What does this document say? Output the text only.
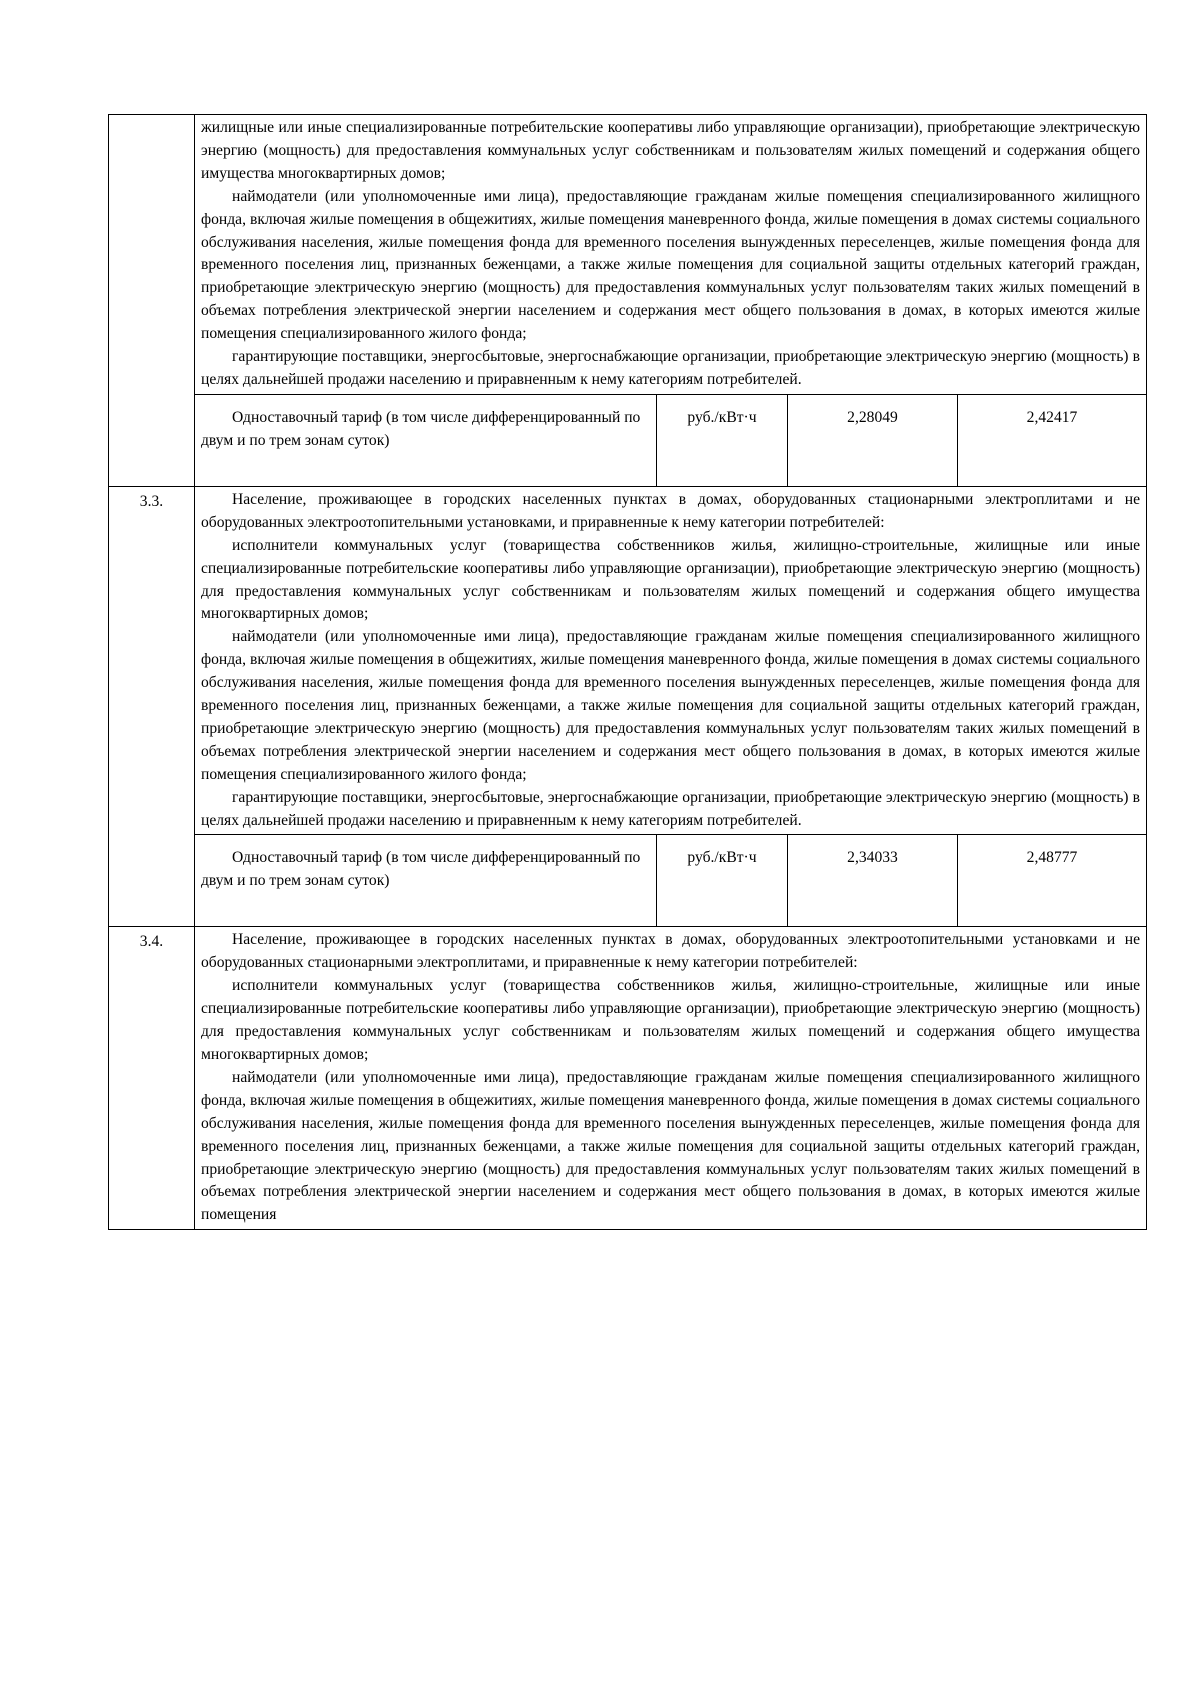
	жилищные или иные специализированные потребительские кооперативы либо управляющие организации), приобретающие электрическую энергию (мощность) для предоставления коммунальных услуг собственникам и пользователям жилых помещений и содержания общего имущества многоквартирных домов;

наймодатели (или уполномоченные ими лица), предоставляющие гражданам жилые помещения специализированного жилищного фонда, включая жилые помещения в общежитиях, жилые помещения маневренного фонда, жилые помещения в домах системы социального обслуживания населения, жилые помещения фонда для временного поселения вынужденных переселенцев, жилые помещения фонда для временного поселения лиц, признанных беженцами, а также жилые помещения для социальной защиты отдельных категорий граждан, приобретающие электрическую энергию (мощность) для предоставления коммунальных услуг пользователям таких жилых помещений в объемах потребления электрической энергии населением и содержания мест общего пользования в домах, в которых имеются жилые помещения специализированного жилого фонда;

гарантирующие поставщики, энергосбытовые, энергоснабжающие организации, приобретающие электрическую энергию (мощность) в целях дальнейшей продажи населению и приравненным к нему категориям потребителей.			

	Одноставочный тариф (в том числе дифференцированный по двум и по трем зонам суток)	руб./кВт·ч	2,28049	2,42417
3.3.	Население, проживающее в городских населенных пунктах в домах, оборудованных стационарными электроплитами и не оборудованных электроотопительными установками, и приравненные к нему категории потребителей:

исполнители коммунальных услуг (товарищества собственников жилья, жилищно-строительные, жилищные или иные специализированные потребительские кооперативы либо управляющие организации), приобретающие электрическую энергию (мощность) для предоставления коммунальных услуг собственникам и пользователям жилых помещений и содержания общего имущества многоквартирных домов;

наймодатели (или уполномоченные ими лица), предоставляющие гражданам жилые помещения специализированного жилищного фонда, включая жилые помещения в общежитиях, жилые помещения маневренного фонда, жилые помещения в домах системы социального обслуживания населения, жилые помещения фонда для временного поселения вынужденных переселенцев, жилые помещения фонда для временного поселения лиц, признанных беженцами, а также жилые помещения для социальной защиты отдельных категорий граждан, приобретающие электрическую энергию (мощность) для предоставления коммунальных услуг пользователям таких жилых помещений в объемах потребления электрической энергии населением и содержания мест общего пользования в домах, в которых имеются жилые помещения специализированного жилого фонда;

гарантирующие поставщики, энергосбытовые, энергоснабжающие организации, приобретающие электрическую энергию (мощность) в целях дальнейшей продажи населению и приравненным к нему категориям потребителей.			

	Одноставочный тариф (в том числе дифференцированный по двум и по трем зонам суток)	руб./кВт·ч	2,34033	2,48777
3.4.	Население, проживающее в городских населенных пунктах в домах, оборудованных электроотопительными установками и не оборудованных стационарными электроплитами, и приравненные к нему категории потребителей:

исполнители коммунальных услуг (товарищества собственников жилья, жилищно-строительные, жилищные или иные специализированные потребительские кооперативы либо управляющие организации), приобретающие электрическую энергию (мощность) для предоставления коммунальных услуг собственникам и пользователям жилых помещений и содержания общего имущества многоквартирных домов;

наймодатели (или уполномоченные ими лица), предоставляющие гражданам жилые помещения специализированного жилищного фонда, включая жилые помещения в общежитиях, жилые помещения маневренного фонда, жилые помещения в домах системы социального обслуживания населения, жилые помещения фонда для временного поселения вынужденных переселенцев, жилые помещения фонда для временного поселения лиц, признанных беженцами, а также жилые помещения для социальной защиты отдельных категорий граждан, приобретающие электрическую энергию (мощность) для предоставления коммунальных услуг пользователям таких жилых помещений в объемах потребления электрической энергии населением и содержания мест общего пользования в домах, в которых имеются жилые помещения			
